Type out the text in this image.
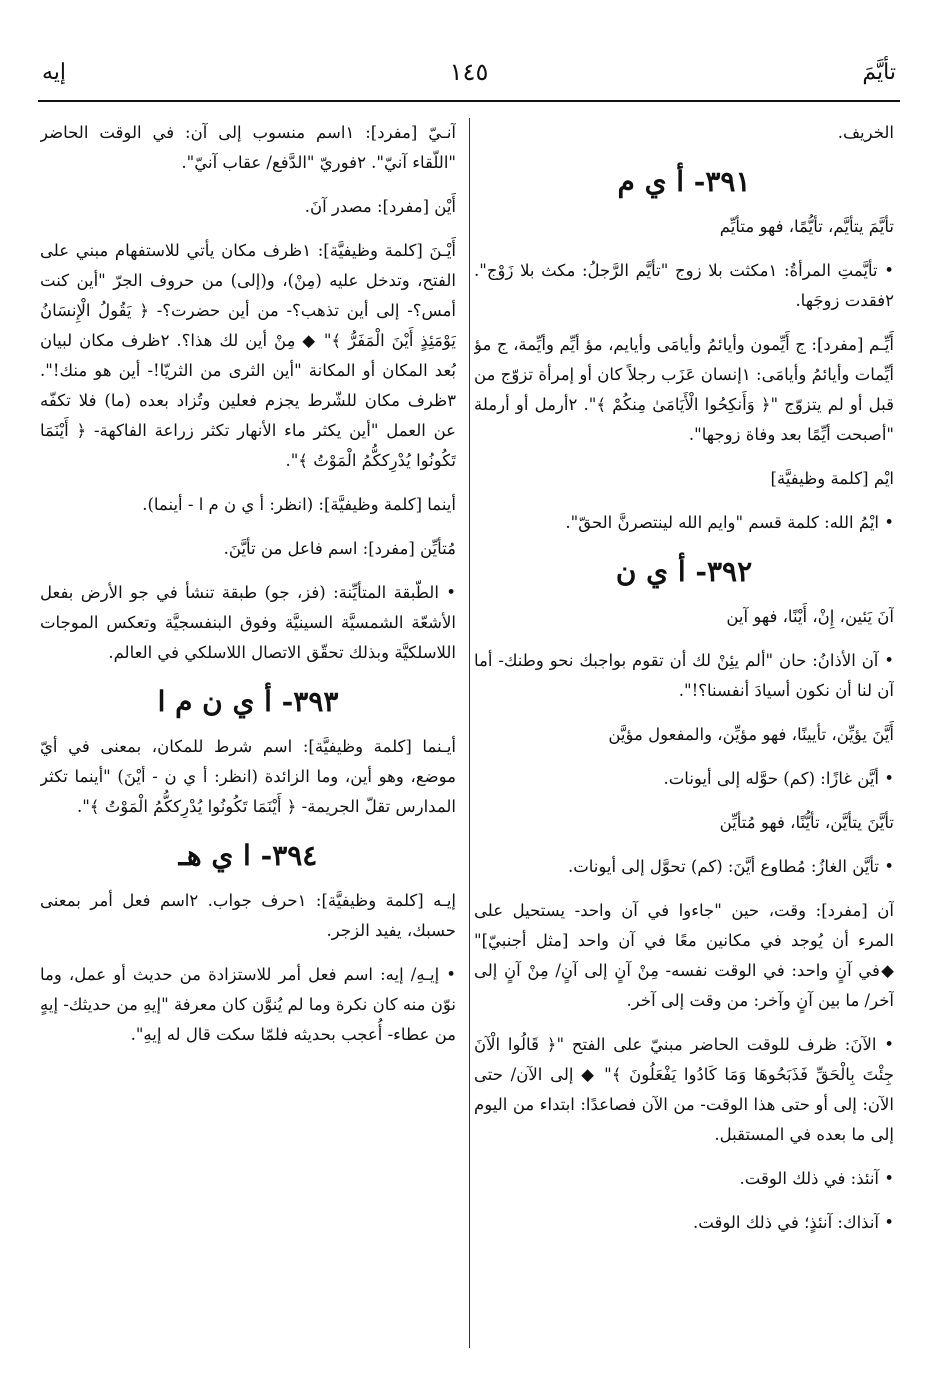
تأيَّمَ
١٤٥
إيه

الخريف.

٣٩١- أ ي م

تأيَّمَ يتأيَّم، تأيُّمًا، فهو متأيِّم

• تأيَّمتِ المرأةُ: ١مكثت بلا زوج "تأيَّم الرَّجلُ: مكث بلا زَوْج". ٢فقدت زوجَها.

أَيِّـم [مفرد]: ج أَيِّمون وأيائمُ وأيامَى وأيايم، مؤ أيِّم وأيِّمة، ج مؤ أيِّمات وأيائمُ وأيامَى: ١إنسان عَزَب رجلاً كان أو إمرأة تزوّج من قبل أو لم يتزوّج "﴿ وَأَنكِحُوا الْأَيَامَىٰ مِنكُمْ ﴾". ٢أرمل أو أرملة "أصبحت أيِّمًا بعد وفاة زوجها".

ايْم [كلمة وظيفيَّة]

• ايْمُ الله: كلمة قسم "وايم الله لينتصرنَّ الحقّ".

٣٩٢- أ ي ن

آنَ يَئين، إِنْ، أَيْنًا، فهو آين

• آن الأذانُ: حان "ألم يئِنْ لك أن تقوم بواجبك نحو وطنك- أما آن لنا أن نكون أسيادَ أنفسنا؟!".

أَيَّنَ يؤيِّن، تأيينًا، فهو مؤيِّن، والمفعول مؤيَّن

• أيَّن غازًا: (كم) حوَّله إلى أيونات.

تأيَّنَ يتأيَّن، تأيُّنًا، فهو مُتأيِّن

• تأيَّن الغازُ: مُطاوع أيَّنَ: (كم) تحوَّل إلى أيونات.

آن [مفرد]: وقت، حين "جاءوا في آن واحد- يستحيل على المرء أن يُوجد في مكانين معًا في آن واحد [مثل أجنبيّ]" ◆في آنٍ واحد: في الوقت نفسه- مِنْ آنٍ إلى آنٍ/ مِنْ آنٍ إلى آخر/ ما بين آنٍ وآخر: من وقت إلى آخر.

• الآنَ: ظرف للوقت الحاضر مبنيّ على الفتح "﴿ قَالُوا الْآنَ جِئْتَ بِالْحَقِّ فَذَبَحُوهَا وَمَا كَادُوا يَفْعَلُونَ ﴾" ◆ إلى الآن/ حتى الآن: إلى أو حتى هذا الوقت- من الآن فصاعدًا: ابتداء من اليوم إلى ما بعده في المستقبل.

• آنئذ: في ذلك الوقت.

• آنذاك: آنئذٍ؛ في ذلك الوقت.

آنـيّ [مفرد]: ١اسم منسوب إلى آن: في الوقت الحاضر "اللّقاء آنيّ". ٢فوريّ "الدَّفع/ عقاب آنيّ".

أَيْن [مفرد]: مصدر آنَ.

أَيْـنَ [كلمة وظيفيَّة]: ١ظرف مكان يأتي للاستفهام مبني على الفتح، وتدخل عليه (مِنْ)، و(إلى) من حروف الجرّ "أين كنت أمس؟- إلى أين تذهب؟- من أين حضرت؟- ﴿ يَقُولُ الْإِنسَانُ يَوْمَئِذٍ أَيْنَ الْمَفَرُّ ﴾" ◆ مِنْ أين لك هذا؟. ٢ظرف مكان لبيان بُعد المكان أو المكانة "أين الثرى من الثريّا!- أين هو منك!". ٣ظرف مكان للشّرط يجزم فعلين وتُزاد بعده (ما) فلا تكفّه عن العمل "أين يكثر ماء الأنهار تكثر زراعة الفاكهة- ﴿ أَيْنَمَا تَكُونُوا يُدْرِككُّمُ الْمَوْتُ ﴾".

أينما [كلمة وظيفيَّة]: (انظر: أ ي ن م ا - أينما).

مُتأيِّن [مفرد]: اسم فاعل من تأيَّنَ.

• الطّبقة المتأيِّنة: (فز، جو) طبقة تنشأ في جو الأرض بفعل الأشعّة الشمسيَّة السينيَّة وفوق البنفسجيَّة وتعكس الموجات اللاسلكيَّة وبذلك تحقّق الاتصال اللاسلكي في العالم.

٣٩٣- أ ي ن م ا

أيـنما [كلمة وظيفيَّة]: اسم شرط للمكان، بمعنى في أيّ موضع، وهو أين، وما الزائدة (انظر: أ ي ن - أيْنَ) "أينما تكثر المدارس تقلّ الجريمة- ﴿ أَيْنَمَا تَكُونُوا يُدْرِككُّمُ الْمَوْتُ ﴾".

٣٩٤- ا ي هـ

إيـه [كلمة وظيفيَّة]: ١حرف جواب. ٢اسم فعل أمر بمعنى حسبك، يفيد الزجر.

• إيـهِ/ إيه: اسم فعل أمر للاستزادة من حديث أو عمل، وما نوّن منه كان نكرة وما لم يُنوَّن كان معرفة "إيهِ من حديثك- إيهٍ من عطاء- أُعجب بحديثه فلمّا سكت قال له إيهِ".
